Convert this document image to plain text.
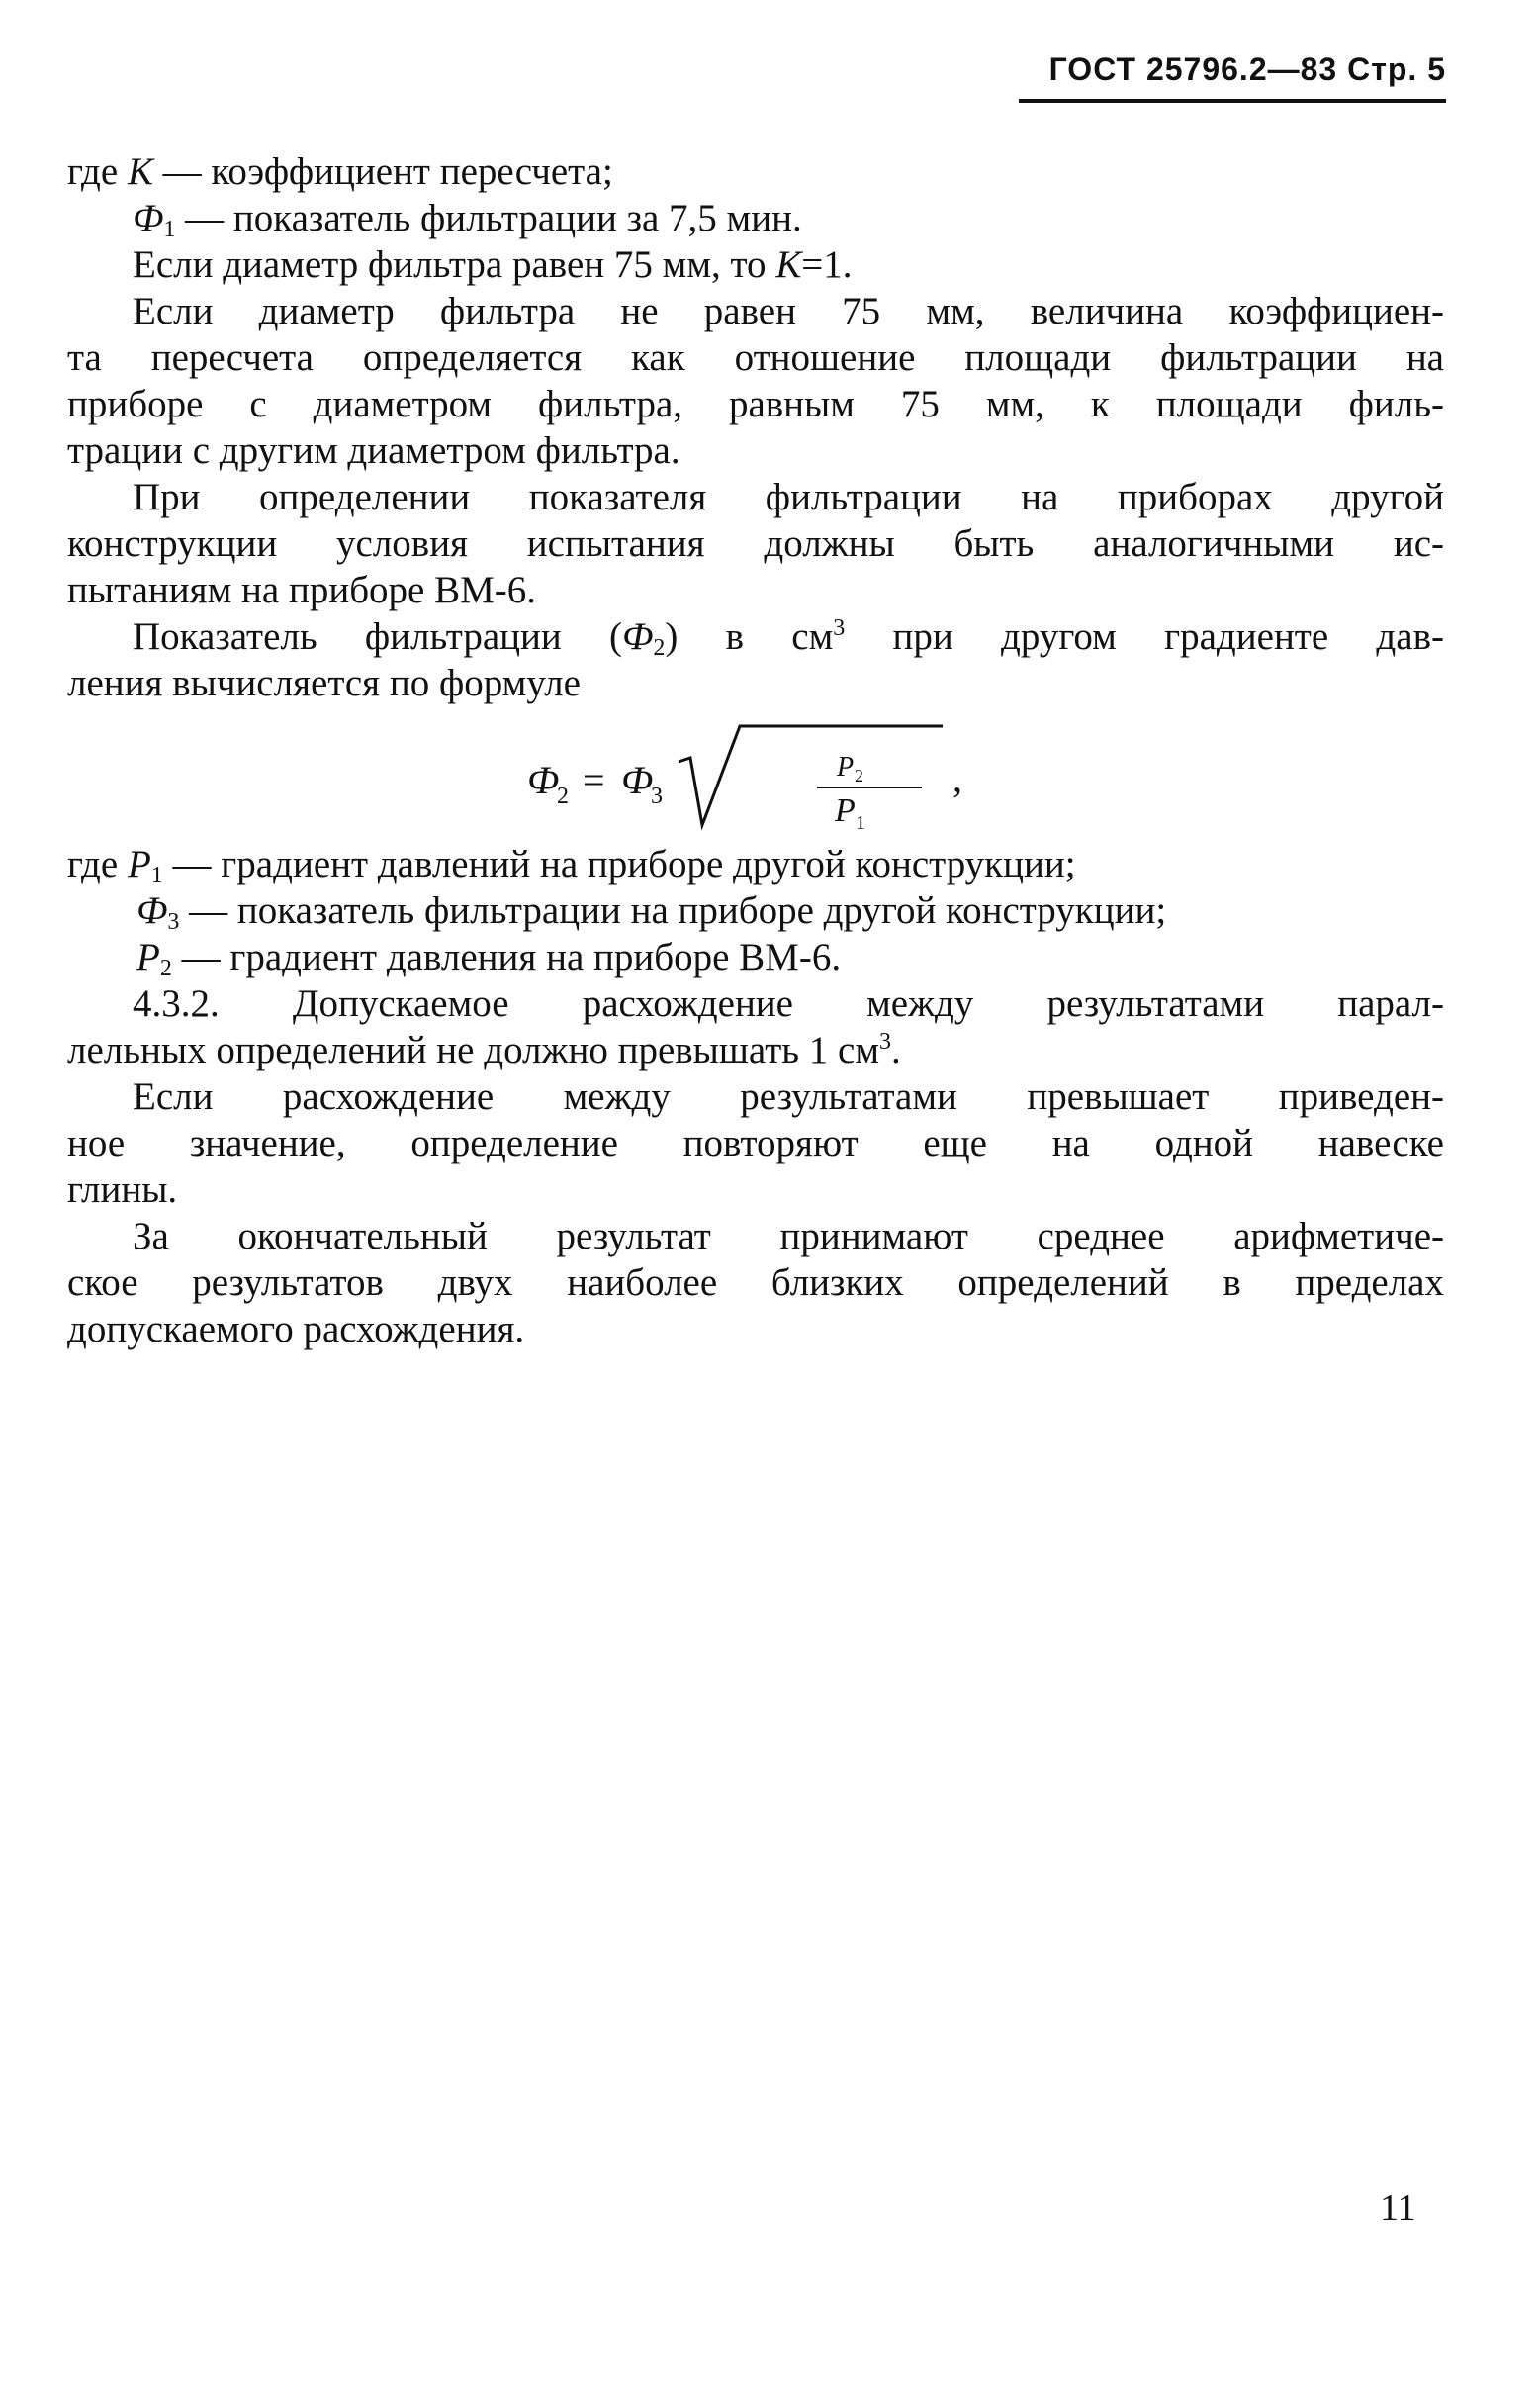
ГОСТ 25796.2—83 Стр. 5

где К — коэффициент пересчета;

$Ф_1$ — показатель фильтрации за 7,5 мин.

Если диаметр фильтра равен 75 мм, то К=1.

Если диаметр фильтра не равен 75 мм, величина коэффициен-
та пересчета определяется как отношение площади фильтрации на
приборе с диаметром фильтра, равным 75 мм, к площади филь-
трации с другим диаметром фильтра.
При определении показателя фильтрации на приборах другой
конструкции условия испытания должны быть аналогичными ис-
пытаниям на приборе ВМ-6.
Показатель фильтрации $(Ф_2)$ в $см^3$ при другом градиенте дав-
ления вычисляется по формуле
Ф
2 = Ф
3
P 2
P 1
,
где $P_1$ — градиент давлений на приборе другой конструкции;
$Ф_3$ — показатель фильтрации на приборе другой конструкции;
$P_2$ — градиент давления на приборе ВМ-6.
4.3.2. Допускаемое расхождение между результатами парал-
лельных определений не должно превышать 1 $см^3$.
Если расхождение между результатами превышает приведен-
ное значение, определение повторяют еще на одной навеске
глины.
За окончательный результат принимают среднее арифметиче-
ское результатов двух наиболее близких определений в пределах
допускаемого расхождения.
11
